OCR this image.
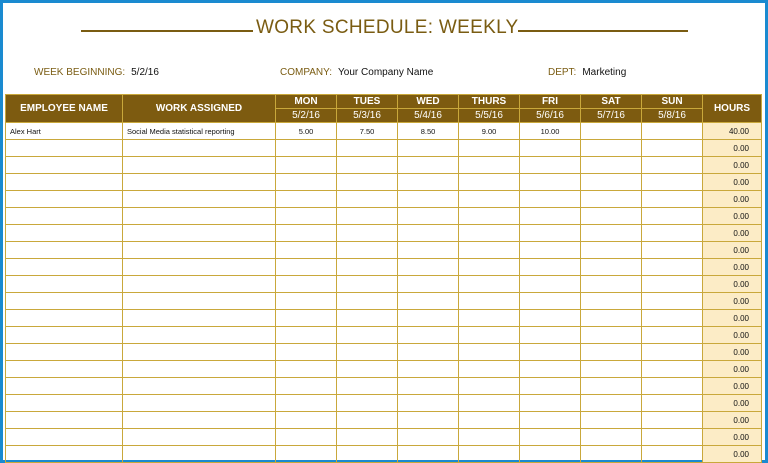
WORK SCHEDULE: WEEKLY
WEEK BEGINNING: 5/2/16	COMPANY: Your Company Name	DEPT: Marketing
EMPLOYEE NAME	WORK ASSIGNED	MON	TUES	WED	THURS	FRI	SAT	SUN	HOURS
		5/2/16	5/3/16	5/4/16	5/5/16	5/6/16	5/7/16	5/8/16	
Alex Hart	Social Media statistical reporting	5.00	7.50	8.50	9.00	10.00			40.00
									0.00
									0.00
									0.00
									0.00
									0.00
									0.00
									0.00
									0.00
									0.00
									0.00
									0.00
									0.00
									0.00
									0.00
									0.00
									0.00
									0.00
									0.00
									0.00
